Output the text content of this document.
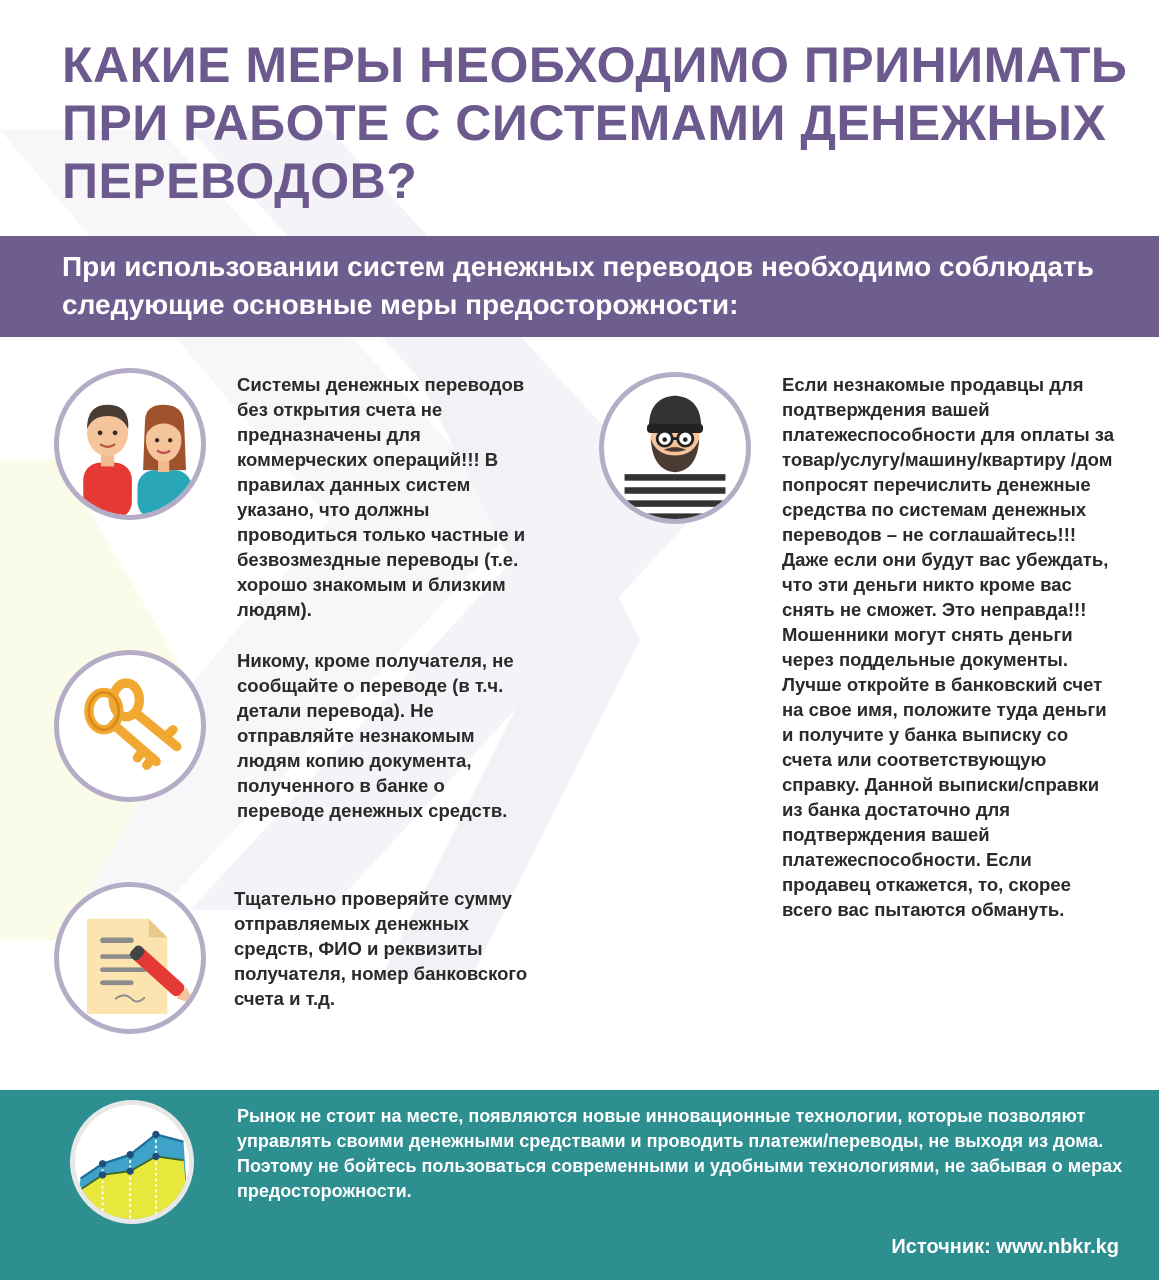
КАКИЕ МЕРЫ НЕОБХОДИМО ПРИНИМАТЬ ПРИ РАБОТЕ С СИСТЕМАМИ ДЕНЕЖНЫХ ПЕРЕВОДОВ?

При использовании систем денежных переводов необходимо соблюдать следующие основные меры предосторожности:

Системы денежных переводов без открытия счета не предназначены для коммерческих операций!!! В правилах данных систем указано, что должны проводиться только частные и безвозмездные переводы (т.е. хорошо знакомым и близким людям).

Никому, кроме получателя, не сообщайте о переводе (в т.ч. детали перевода). Не отправляйте незнакомым людям копию документа, полученного в банке о переводе денежных средств.

Тщательно проверяйте сумму отправляемых денежных средств, ФИО и реквизиты получателя, номер банковского счета и т.д.

Если незнакомые продавцы для подтверждения вашей платежеспособности для оплаты за товар/услугу/машину/квартиру /дом попросят перечислить денежные средства по системам денежных переводов – не соглашайтесь!!! Даже если они будут вас убеждать, что эти деньги никто кроме вас снять не сможет. Это неправда!!! Мошенники могут снять деньги через поддельные документы. Лучше откройте в банковский счет на свое имя, положите туда деньги и получите у банка выписку со счета или соответствующую справку. Данной выписки/справки из банка достаточно для подтверждения вашей платежеспособности. Если продавец откажется, то, скорее всего вас пытаются обмануть.

Рынок не стоит на месте, появляются новые инновационные технологии, которые позволяют управлять своими денежными средствами и проводить платежи/переводы, не выходя из дома. Поэтому не бойтесь пользоваться современными и удобными технологиями, не забывая о мерах предосторожности.

Источник: www.nbkr.kg
